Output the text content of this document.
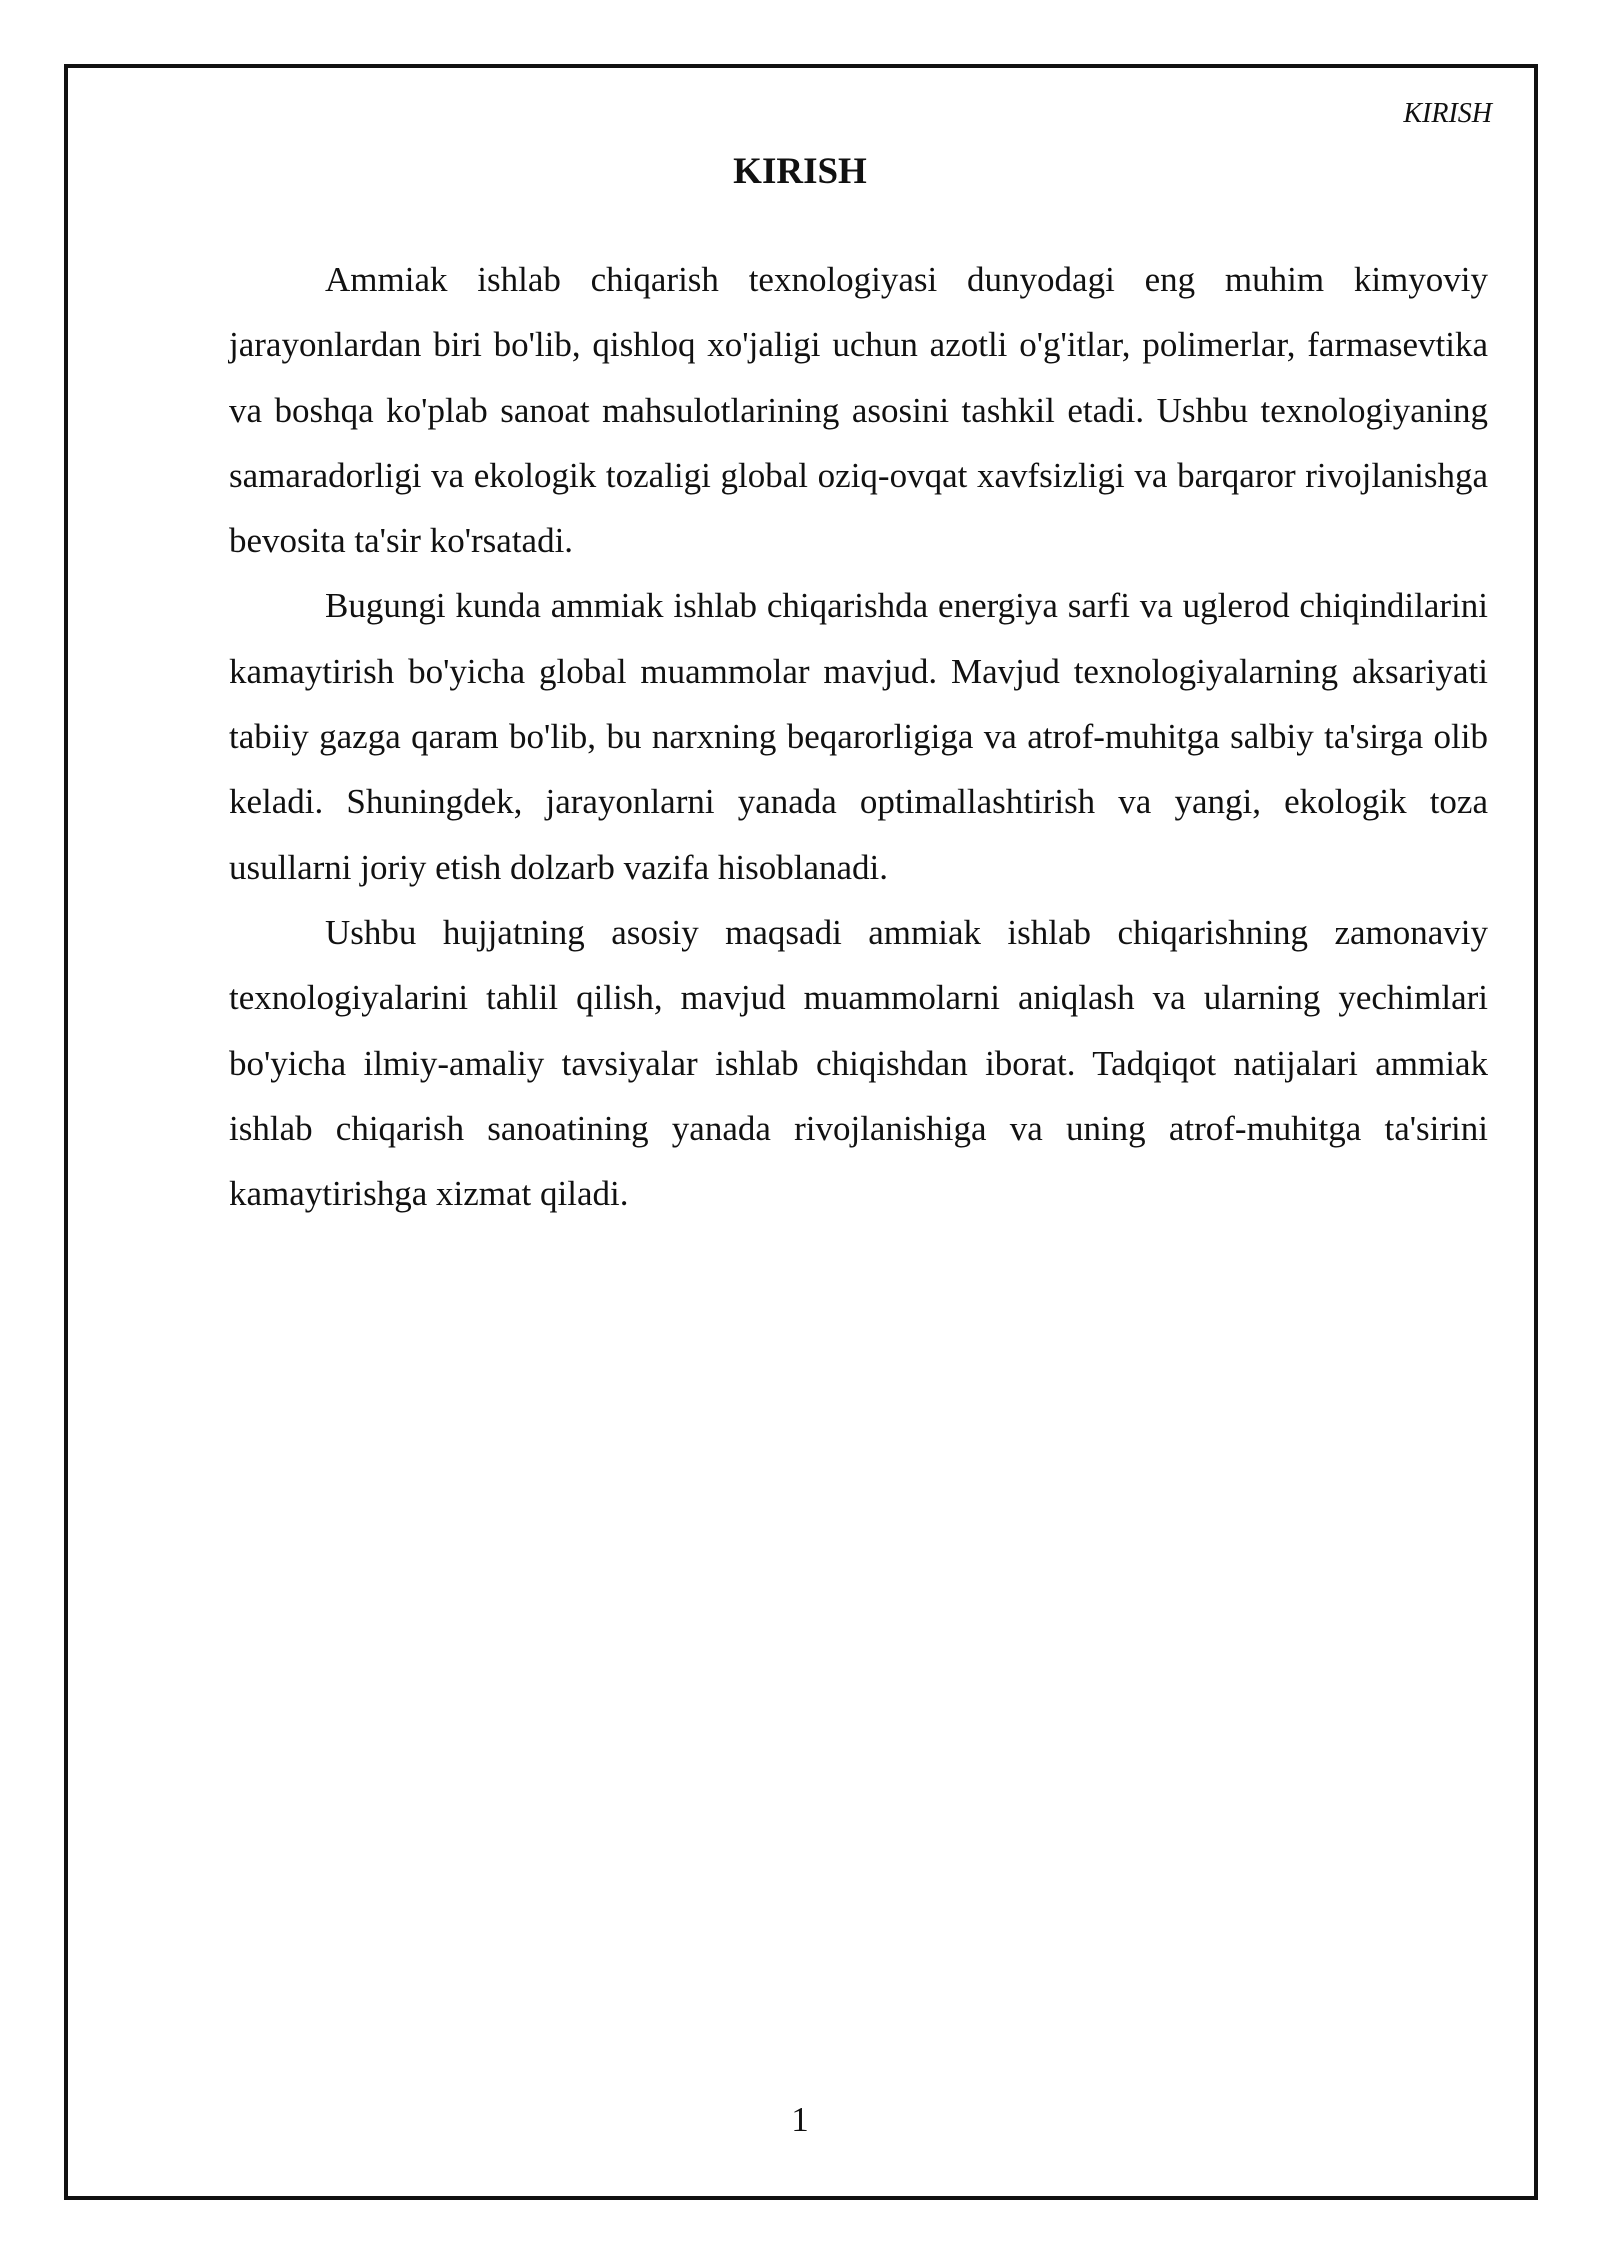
KIRISH
KIRISH

Ammiak ishlab chiqarish texnologiyasi dunyodagi eng muhim kimyoviy jarayonlardan biri bo'lib, qishloq xo'jaligi uchun azotli o'g'itlar, polimerlar, farmasevtika va boshqa ko'plab sanoat mahsulotlarining asosini tashkil etadi. Ushbu texnologiyaning samaradorligi va ekologik tozaligi global oziq-ovqat xavfsizligi va barqaror rivojlanishga bevosita ta'sir ko'rsatadi.

Bugungi kunda ammiak ishlab chiqarishda energiya sarfi va uglerod chiqindilarini kamaytirish bo'yicha global muammolar mavjud. Mavjud texnologiyalarning aksariyati tabiiy gazga qaram bo'lib, bu narxning beqarorligiga va atrof-muhitga salbiy ta'sirga olib keladi. Shuningdek, jarayonlarni yanada optimallashtirish va yangi, ekologik toza usullarni joriy etish dolzarb vazifa hisoblanadi.

Ushbu hujjatning asosiy maqsadi ammiak ishlab chiqarishning zamonaviy texnologiyalarini tahlil qilish, mavjud muammolarni aniqlash va ularning yechimlari bo'yicha ilmiy-amaliy tavsiyalar ishlab chiqishdan iborat. Tadqiqot natijalari ammiak ishlab chiqarish sanoatining yanada rivojlanishiga va uning atrof-muhitga ta'sirini kamaytirishga xizmat qiladi.

1
